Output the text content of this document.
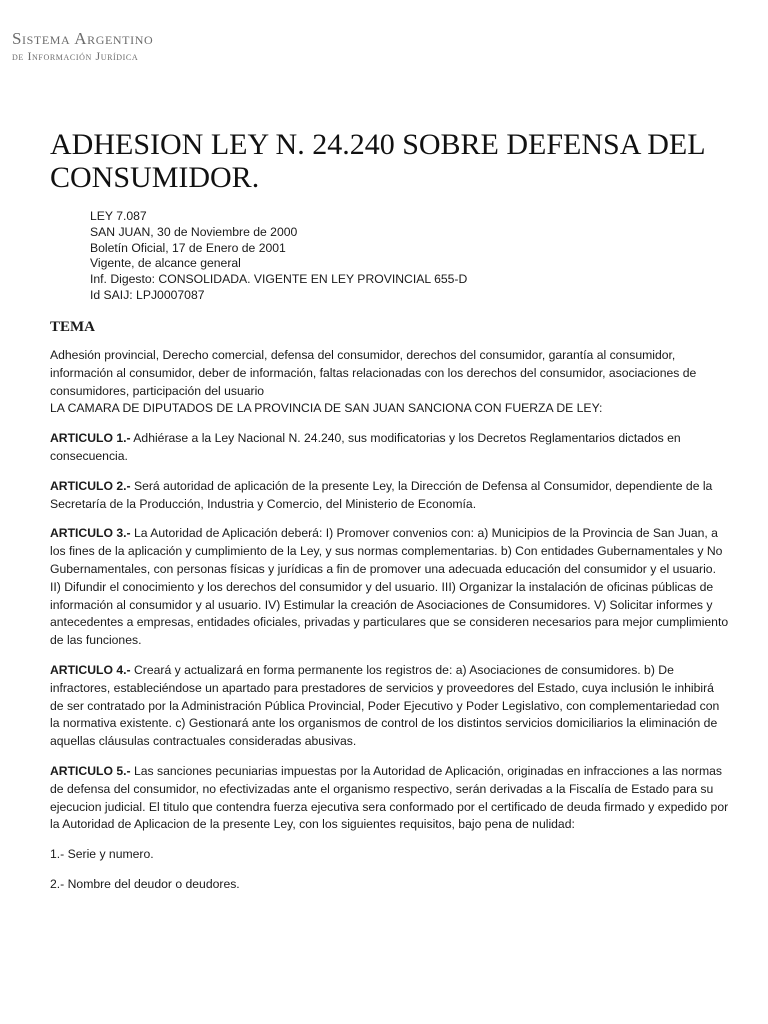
Sistema Argentino
de Información Jurídica
ADHESION LEY N. 24.240 SOBRE DEFENSA DEL CONSUMIDOR.
LEY 7.087
SAN JUAN, 30 de Noviembre de 2000
Boletín Oficial, 17 de Enero de 2001
Vigente, de alcance general
Inf. Digesto: CONSOLIDADA. VIGENTE EN LEY PROVINCIAL 655-D
Id SAIJ: LPJ0007087
TEMA

Adhesión provincial, Derecho comercial, defensa del consumidor, derechos del consumidor, garantía al consumidor, información al consumidor, deber de información, faltas relacionadas con los derechos del consumidor, asociaciones de consumidores, participación del usuario

LA CAMARA DE DIPUTADOS DE LA PROVINCIA DE SAN JUAN SANCIONA CON FUERZA DE LEY:

ARTICULO 1.- Adhiérase a la Ley Nacional N. 24.240, sus modificatorias y los Decretos Reglamentarios dictados en consecuencia.

ARTICULO 2.- Será autoridad de aplicación de la presente Ley, la Dirección de Defensa al Consumidor, dependiente de la Secretaría de la Producción, Industria y Comercio, del Ministerio de Economía.

ARTICULO 3.- La Autoridad de Aplicación deberá: I) Promover convenios con: a) Municipios de la Provincia de San Juan, a los fines de la aplicación y cumplimiento de la Ley, y sus normas complementarias. b) Con entidades Gubernamentales y No Gubernamentales, con personas físicas y jurídicas a fin de promover una adecuada educación del consumidor y el usuario. II) Difundir el conocimiento y los derechos del consumidor y del usuario. III) Organizar la instalación de oficinas públicas de información al consumidor y al usuario. IV) Estimular la creación de Asociaciones de Consumidores. V) Solicitar informes y antecedentes a empresas, entidades oficiales, privadas y particulares que se consideren necesarios para mejor cumplimiento de las funciones.

ARTICULO 4.- Creará y actualizará en forma permanente los registros de: a) Asociaciones de consumidores. b) De infractores, estableciéndose un apartado para prestadores de servicios y proveedores del Estado, cuya inclusión le inhibirá de ser contratado por la Administración Pública Provincial, Poder Ejecutivo y Poder Legislativo, con complementariedad con la normativa existente. c) Gestionará ante los organismos de control de los distintos servicios domiciliarios la eliminación de aquellas cláusulas contractuales consideradas abusivas.

ARTICULO 5.- Las sanciones pecuniarias impuestas por la Autoridad de Aplicación, originadas en infracciones a las normas de defensa del consumidor, no efectivizadas ante el organismo respectivo, serán derivadas a la Fiscalía de Estado para su ejecucion judicial. El titulo que contendra fuerza ejecutiva sera conformado por el certificado de deuda firmado y expedido por la Autoridad de Aplicacion de la presente Ley, con los siguientes requisitos, bajo pena de nulidad:

1.- Serie y numero.

2.- Nombre del deudor o deudores.
